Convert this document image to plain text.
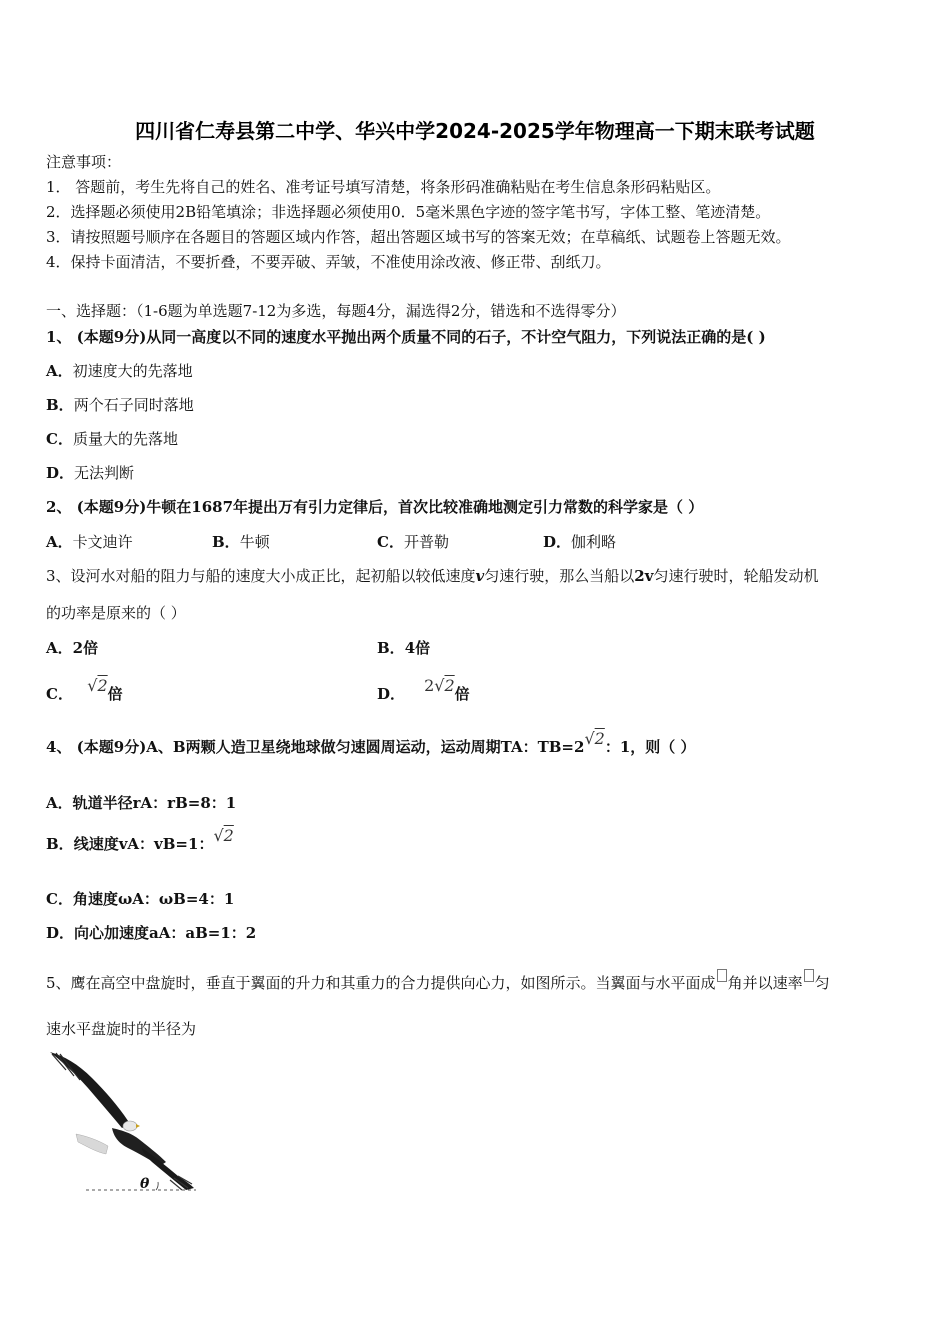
四川省仁寿县第二中学、华兴中学2024-2025学年物理高一下期末联考试题
注意事项：
1． 答题前，考生先将自己的姓名、准考证号填写清楚，将条形码准确粘贴在考生信息条形码粘贴区。
2．选择题必须使用2B铅笔填涂；非选择题必须使用0．5毫米黑色字迹的签字笔书写，字体工整、笔迹清楚。
3．请按照题号顺序在各题目的答题区域内作答，超出答题区域书写的答案无效；在草稿纸、试题卷上答题无效。
4．保持卡面清洁，不要折叠，不要弄破、弄皱，不准使用涂改液、修正带、刮纸刀。
一、选择题：（1-6题为单选题7-12为多选，每题4分，漏选得2分，错选和不选得零分）
1、 (本题9分)从同一高度以不同的速度水平抛出两个质量不同的石子，不计空气阻力，下列说法正确的是( )
A．初速度大的先落地
B．两个石子同时落地
C．质量大的先落地
D．无法判断
2、 (本题9分)牛顿在1687年提出万有引力定律后，首次比较准确地测定引力常数的科学家是（ ）
A．卡文迪许	B．牛顿	C．开普勒	D．伽利略
3、设河水对船的阻力与船的速度大小成正比，起初船以较低速度v匀速行驶，那么当船以2v匀速行驶时，轮船发动机
的功率是原来的（ ）
A．2倍	B．4倍
C． √2倍	D． 2√2倍
4、 (本题9分)A、B两颗人造卫星绕地球做匀速圆周运动，运动周期TA：TB=2√2：1，则（ ）
A．轨道半径rA：rB=8：1
B．线速度vA：vB=1：√2
C．角速度ωA：ωB=4：1
D．向心加速度aA：aB=1：2
5、鹰在高空中盘旋时，垂直于翼面的升力和其重力的合力提供向心力，如图所示。当翼面与水平面成 角并以速率 匀
速水平盘旋时的半径为
θ
